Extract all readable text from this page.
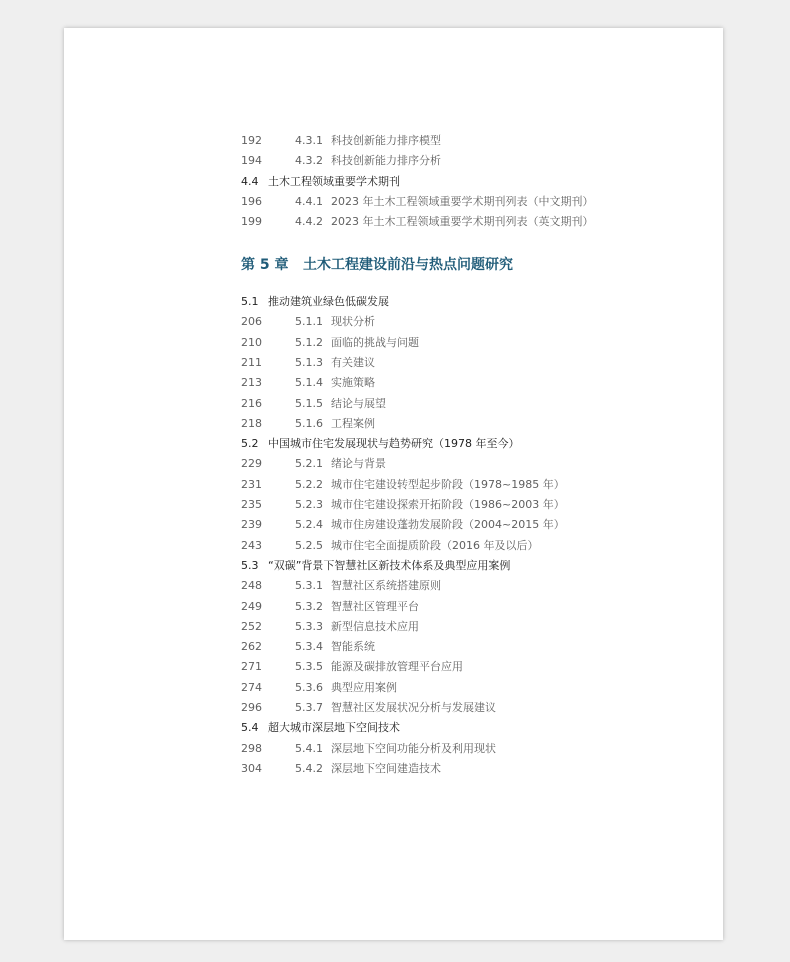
第 5 章 土木工程建设前沿与热点问题研究
192	4.3.1 科技创新能力排序模型
194	4.3.2 科技创新能力排序分析
4.4 土木工程领域重要学术期刊
196	4.4.1 2023 年土木工程领域重要学术期刊列表（中文期刊）
199	4.4.2 2023 年土木工程领域重要学术期刊列表（英文期刊）
5.1 推动建筑业绿色低碳发展
206	5.1.1 现状分析
210	5.1.2 面临的挑战与问题
211	5.1.3 有关建议
213	5.1.4 实施策略
216	5.1.5 结论与展望
218	5.1.6 工程案例
5.2 中国城市住宅发展现状与趋势研究（1978 年至今）
229	5.2.1 绪论与背景
231	5.2.2 城市住宅建设转型起步阶段（1978~1985 年）
235	5.2.3 城市住宅建设探索开拓阶段（1986~2003 年）
239	5.2.4 城市住房建设蓬勃发展阶段（2004~2015 年）
243	5.2.5 城市住宅全面提质阶段（2016 年及以后）
5.3 “双碳”背景下智慧社区新技术体系及典型应用案例
248	5.3.1 智慧社区系统搭建原则
249	5.3.2 智慧社区管理平台
252	5.3.3 新型信息技术应用
262	5.3.4 智能系统
271	5.3.5 能源及碳排放管理平台应用
274	5.3.6 典型应用案例
296	5.3.7 智慧社区发展状况分析与发展建议
5.4 超大城市深层地下空间技术
298	5.4.1 深层地下空间功能分析及利用现状
304	5.4.2 深层地下空间建造技术
